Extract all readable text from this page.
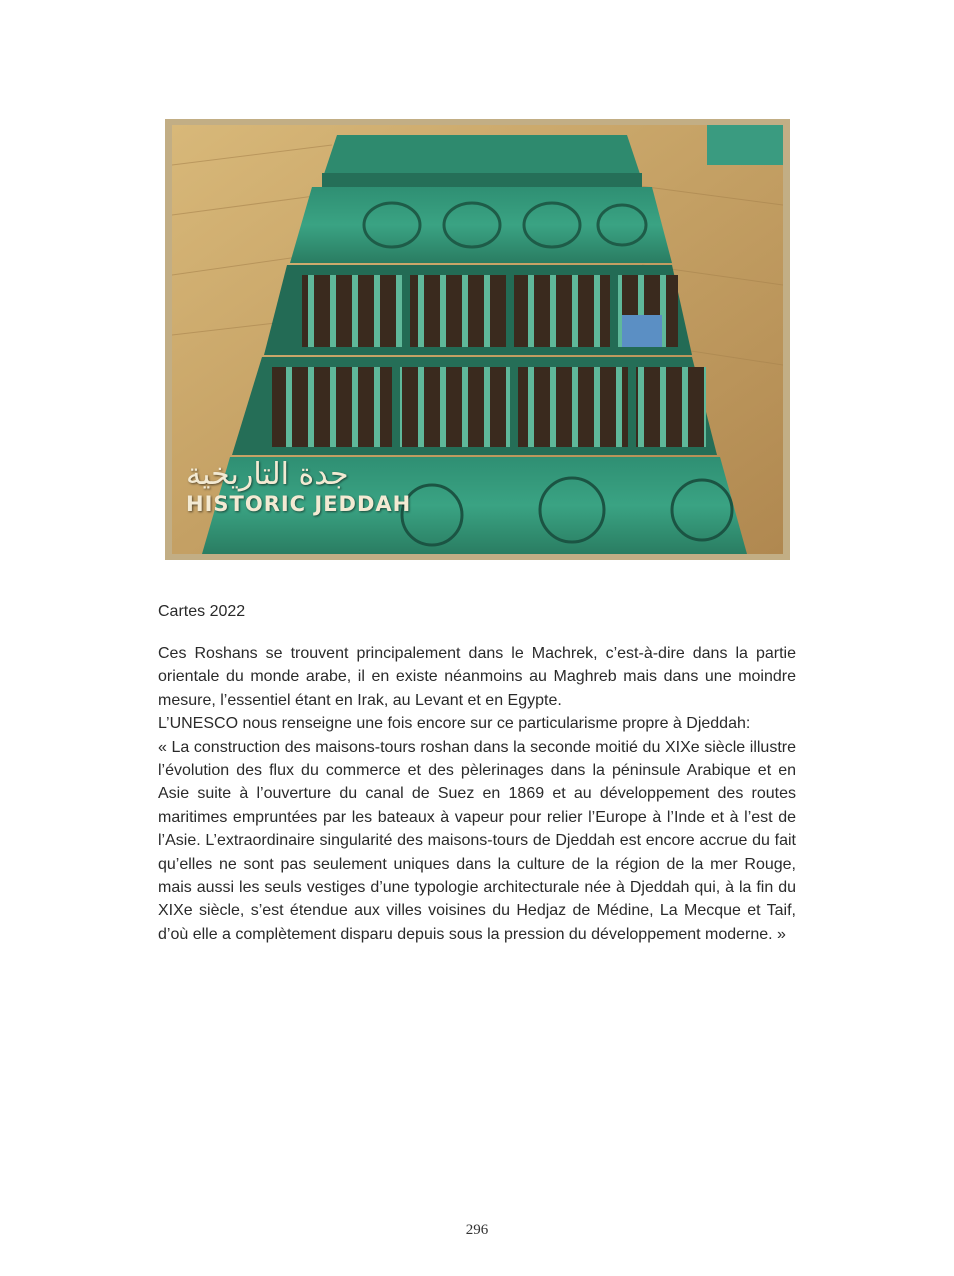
جدة التاريخية
HISTORIC JEDDAH
Cartes 2022

Ces Roshans se trouvent principalement dans le Machrek, c’est-à-dire dans la partie orientale du monde arabe, il en existe néanmoins au Maghreb mais dans une moindre mesure, l’essentiel étant en Irak, au Levant et en Egypte.

L’UNESCO nous renseigne une fois encore sur ce particularisme propre à Djeddah:

« La construction des maisons-tours roshan dans la seconde moitié du XIXe siècle illustre l’évolution des flux du commerce et des pèlerinages dans la péninsule Arabique et en Asie suite à l’ouverture du canal de Suez en 1869 et au développement des routes maritimes empruntées par les bateaux à vapeur pour relier l’Europe à l’Inde et à l’est de l’Asie. L’extraordinaire singularité des maisons-tours de Djeddah est encore accrue du fait qu’elles ne sont pas seulement uniques dans la culture de la région de la mer Rouge, mais aussi les seuls vestiges d’une typologie architecturale née à Djeddah qui, à la fin du XIXe siècle, s’est étendue aux villes voisines du Hedjaz de Médine, La Mecque et Taif, d’où elle a complètement disparu depuis sous la pression du développement moderne. »

296
